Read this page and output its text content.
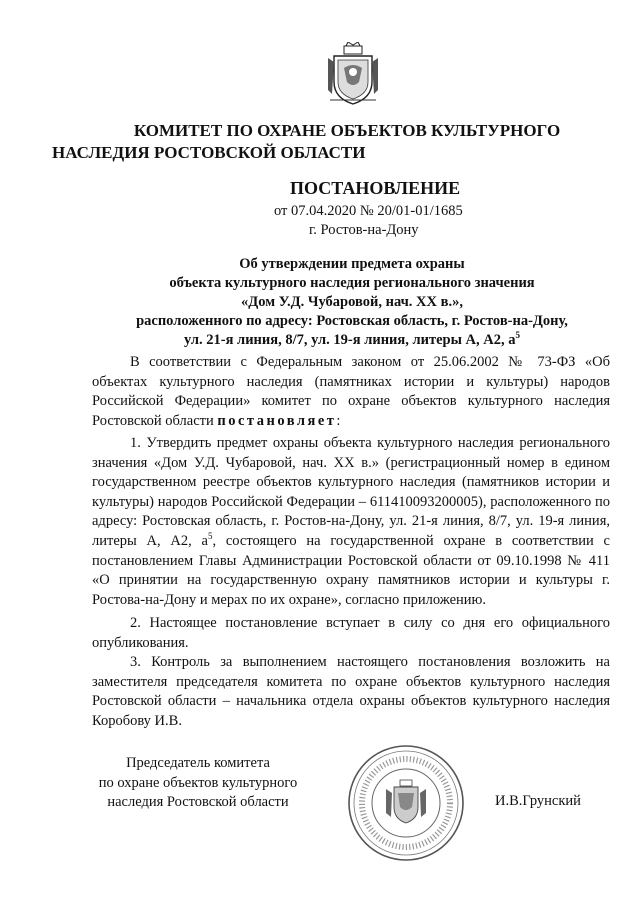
КОМИТЕТ ПО ОХРАНЕ ОБЪЕКТОВ КУЛЬТУРНОГО
НАСЛЕДИЯ РОСТОВСКОЙ ОБЛАСТИ
ПОСТАНОВЛЕНИЕ
от 07.04.2020 № 20/01-01/1685
г. Ростов-на-Дону
Об утверждении предмета охраны
объекта культурного наследия регионального значения
«Дом У.Д. Чубаровой, нач. XX в.»,
расположенного по адресу: Ростовская область, г. Ростов-на-Дону,
ул. 21-я линия, 8/7, ул. 19-я линия, литеры А, А2, $а^5$
В соответствии с Федеральным законом от 25.06.2002 № 73-ФЗ «Об объектах культурного наследия (памятниках истории и культуры) народов Российской Федерации» комитет по охране объектов культурного наследия Ростовской области постановляет:
1. Утвердить предмет охраны объекта культурного наследия регионального значения «Дом У.Д. Чубаровой, нач. XX в.» (регистрационный номер в едином государственном реестре объектов культурного наследия (памятников истории и культуры) народов Российской Федерации – 611410093200005), расположенного по адресу: Ростовская область, г. Ростов-на-Дону, ул. 21-я линия, 8/7, ул. 19-я линия, литеры А, А2, $а^5$, состоящего на государственной охране в соответствии с постановлением Главы Администрации Ростовской области от 09.10.1998 № 411 «О принятии на государственную охрану памятников истории и культуры г. Ростова-на-Дону и мерах по их охране», согласно приложению.
2. Настоящее постановление вступает в силу со дня его официального опубликования.
3. Контроль за выполнением настоящего постановления возложить на заместителя председателя комитета по охране объектов культурного наследия Ростовской области – начальника отдела охраны объектов культурного наследия Коробову И.В.
Председатель комитета
по охране объектов культурного
наследия Ростовской области	И.В.Грунский
